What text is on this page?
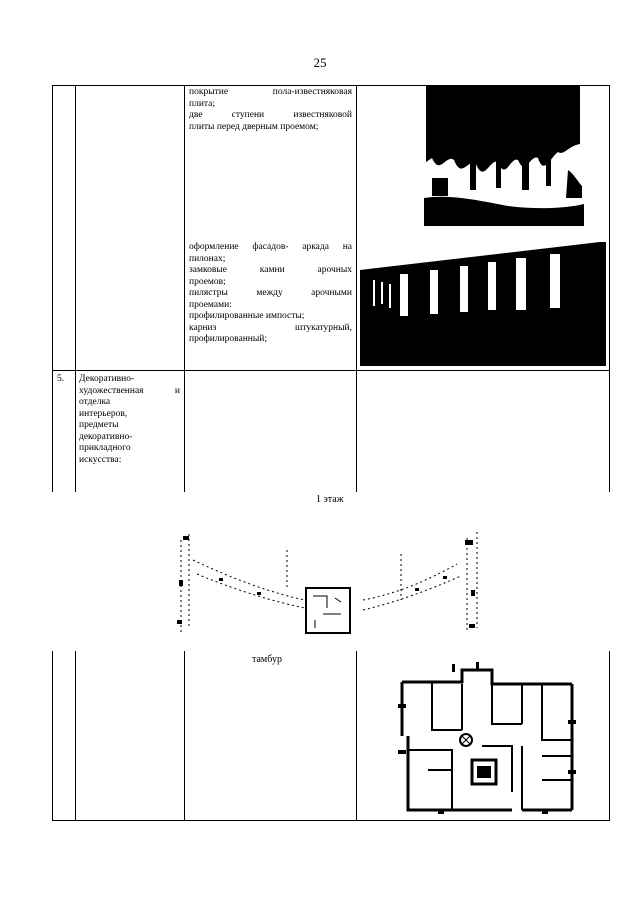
25

покрытие пола-известняковая

плита;

две ступени известняковой

плиты перед дверным проемом;

оформление фасадов- аркада на

пилонах;

замковые камни арочных

проемов;

пилястры между арочными

проемами:

профилированные импосты;

карниз штукатурный,

профилированный;

5. Декоративно-

художественная и

отделка

интерьеров,

предметы

декоративно-

прикладного

искусства:

1 этаж
тамбур
